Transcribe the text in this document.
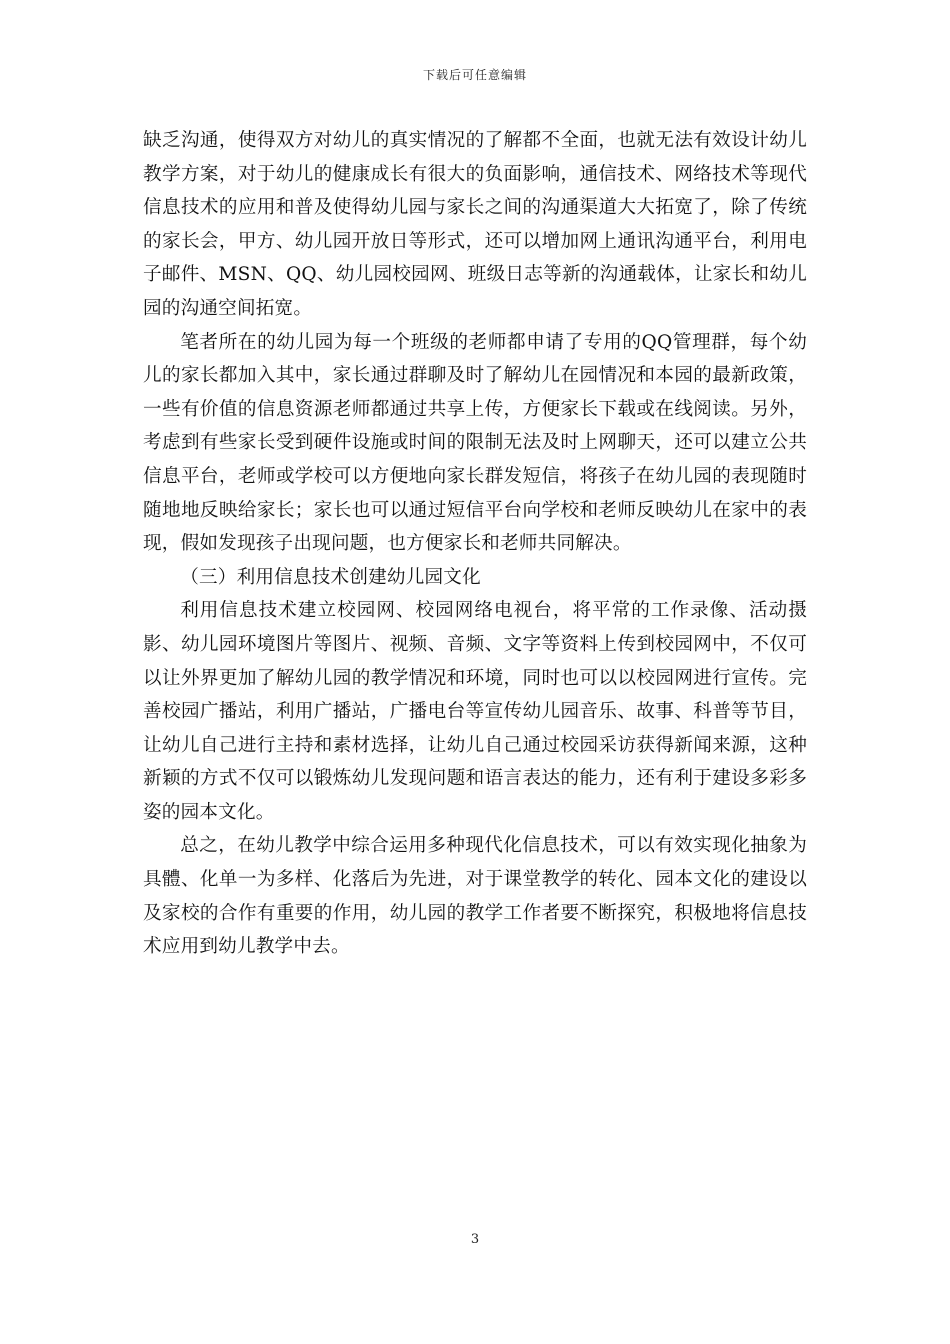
下载后可任意编辑

缺乏沟通，使得双方对幼儿的真实情况的了解都不全面，也就无法有效设计幼儿教学方案，对于幼儿的健康成长有很大的负面影响，通信技术、网络技术等现代信息技术的应用和普及使得幼儿园与家长之间的沟通渠道大大拓宽了，除了传统的家长会，甲方、幼儿园开放日等形式，还可以增加网上通讯沟通平台，利用电子邮件、MSN、QQ、幼儿园校园网、班级日志等新的沟通载体，让家长和幼儿园的沟通空间拓宽。

笔者所在的幼儿园为每一个班级的老师都申请了专用的QQ管理群，每个幼儿的家长都加入其中，家长通过群聊及时了解幼儿在园情况和本园的最新政策，一些有价值的信息资源老师都通过共享上传，方便家长下载或在线阅读。另外，考虑到有些家长受到硬件设施或时间的限制无法及时上网聊天，还可以建立公共信息平台，老师或学校可以方便地向家长群发短信，将孩子在幼儿园的表现随时随地地反映给家长；家长也可以通过短信平台向学校和老师反映幼儿在家中的表现，假如发现孩子出现问题，也方便家长和老师共同解决。

（三）利用信息技术创建幼儿园文化

利用信息技术建立校园网、校园网络电视台，将平常的工作录像、活动摄影、幼儿园环境图片等图片、视频、音频、文字等资料上传到校园网中，不仅可以让外界更加了解幼儿园的教学情况和环境，同时也可以以校园网进行宣传。完善校园广播站，利用广播站，广播电台等宣传幼儿园音乐、故事、科普等节目，让幼儿自己进行主持和素材选择，让幼儿自己通过校园采访获得新闻来源，这种新颖的方式不仅可以锻炼幼儿发现问题和语言表达的能力，还有利于建设多彩多姿的园本文化。

总之，在幼儿教学中综合运用多种现代化信息技术，可以有效实现化抽象为具體、化单一为多样、化落后为先进，对于课堂教学的转化、园本文化的建设以及家校的合作有重要的作用，幼儿园的教学工作者要不断探究，积极地将信息技术应用到幼儿教学中去。

3
